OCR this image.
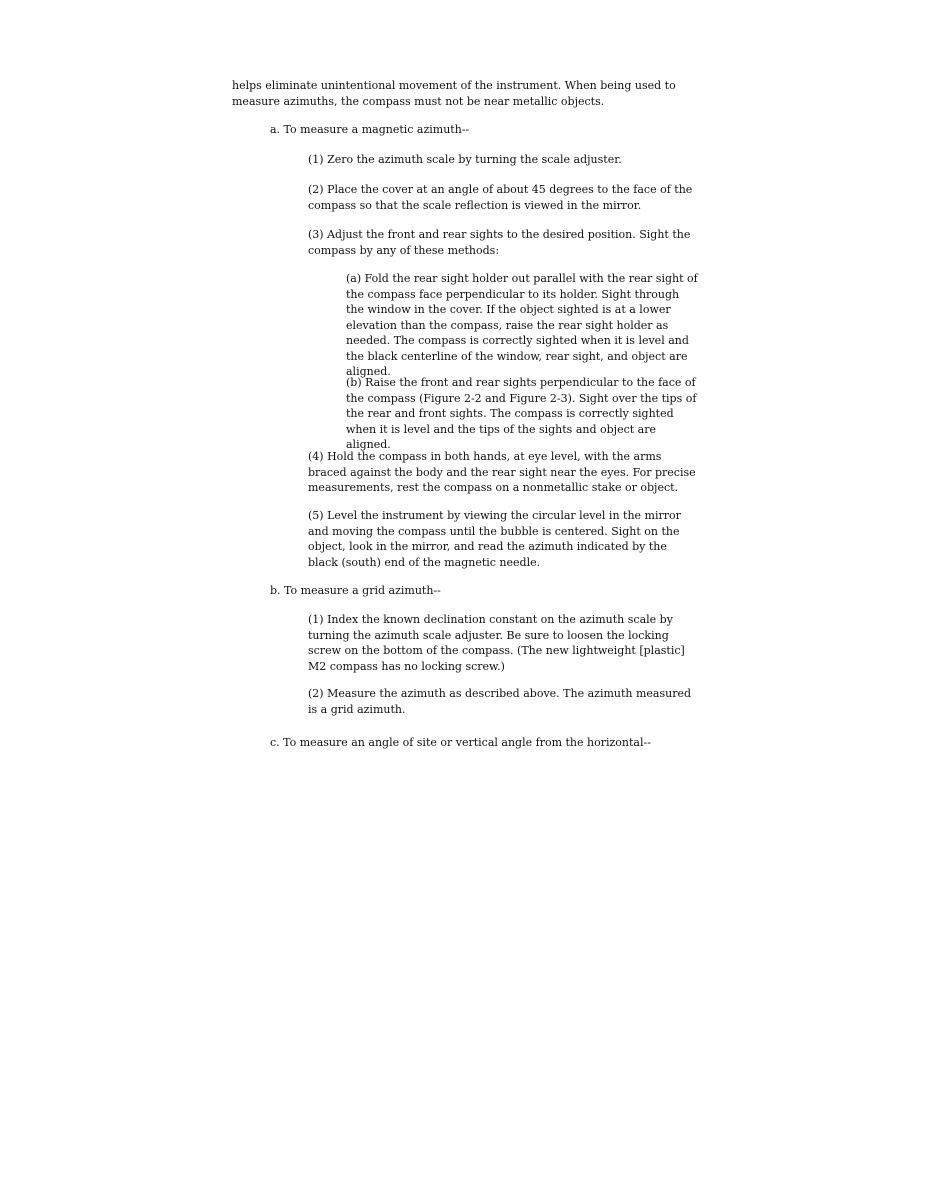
helps eliminate unintentional movement of the instrument. When being used to measure azimuths, the compass must not be near metallic objects.

a. To measure a magnetic azimuth--

(1) Zero the azimuth scale by turning the scale adjuster.

(2) Place the cover at an angle of about 45 degrees to the face of the compass so that the scale reflection is viewed in the mirror.

(3) Adjust the front and rear sights to the desired position. Sight the compass by any of these methods:

(a) Fold the rear sight holder out parallel with the rear sight of the compass face perpendicular to its holder. Sight through the window in the cover. If the object sighted is at a lower elevation than the compass, raise the rear sight holder as needed. The compass is correctly sighted when it is level and the black centerline of the window, rear sight, and object are aligned.

(b) Raise the front and rear sights perpendicular to the face of the compass (Figure 2-2 and Figure 2-3). Sight over the tips of the rear and front sights. The compass is correctly sighted when it is level and the tips of the sights and object are aligned.

(4) Hold the compass in both hands, at eye level, with the arms braced against the body and the rear sight near the eyes. For precise measurements, rest the compass on a nonmetallic stake or object.

(5) Level the instrument by viewing the circular level in the mirror and moving the compass until the bubble is centered. Sight on the object, look in the mirror, and read the azimuth indicated by the black (south) end of the magnetic needle.

b. To measure a grid azimuth--

(1) Index the known declination constant on the azimuth scale by turning the azimuth scale adjuster. Be sure to loosen the locking screw on the bottom of the compass. (The new lightweight [plastic] M2 compass has no locking screw.)

(2) Measure the azimuth as described above. The azimuth measured is a grid azimuth.

c. To measure an angle of site or vertical angle from the horizontal--
